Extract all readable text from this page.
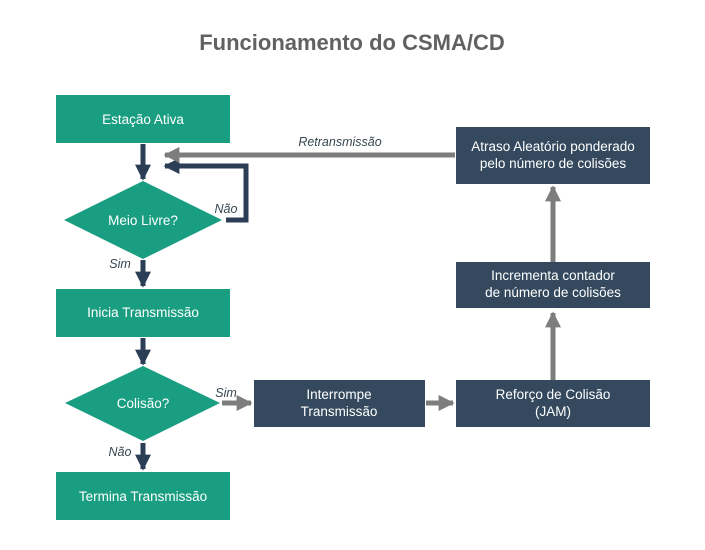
Funcionamento do CSMA/CD
Retransmissão
Não
Sim
Sim
Não
Estação Ativa
Meio Livre?
Inicia Transmissão
Colisão?
Termina Transmissão
Interrompe
Transmissão
Reforço de Colisão
(JAM)
Incrementa contador
de número de colisões
Atraso Aleatório ponderado
pelo número de colisões
